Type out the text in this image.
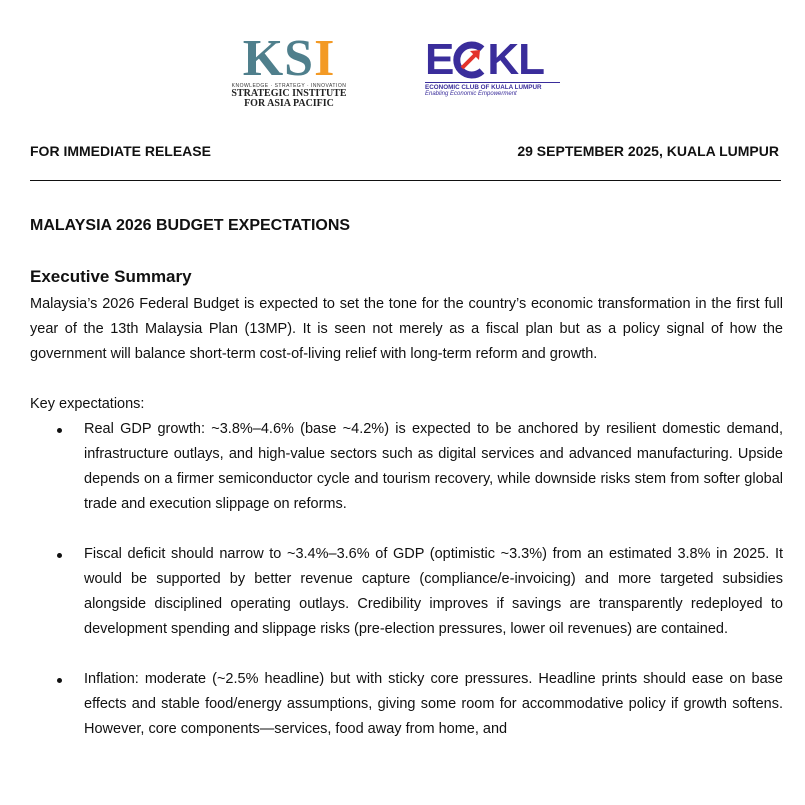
KSI
KNOWLEDGE · STRATEGY · INNOVATION
STRATEGIC INSTITUTE
FOR ASIA PACIFIC
E KL
ECONOMIC CLUB OF KUALA LUMPUR
Enabling Economic Empowerment
FOR IMMEDIATE RELEASE	29 SEPTEMBER 2025, KUALA LUMPUR
MALAYSIA 2026 BUDGET EXPECTATIONS
Executive Summary

Malaysia’s 2026 Federal Budget is expected to set the tone for the country’s economic transformation in the first full year of the 13th Malaysia Plan (13MP). It is seen not merely as a fiscal plan but as a policy signal of how the government will balance short-term cost-of-living relief with long-term reform and growth.

Key expectations:

Real GDP growth: ~3.8%–4.6% (base ~4.2%) is expected to be anchored by resilient domestic demand, infrastructure outlays, and high-value sectors such as digital services and advanced manufacturing. Upside depends on a firmer semiconductor cycle and tourism recovery, while downside risks stem from softer global trade and execution slippage on reforms.
Fiscal deficit should narrow to ~3.4%–3.6% of GDP (optimistic ~3.3%) from an estimated 3.8% in 2025. It would be supported by better revenue capture (compliance/e-invoicing) and more targeted subsidies alongside disciplined operating outlays. Credibility improves if savings are transparently redeployed to development spending and slippage risks (pre-election pressures, lower oil revenues) are contained.
Inflation: moderate (~2.5% headline) but with sticky core pressures. Headline prints should ease on base effects and stable food/energy assumptions, giving some room for accommodative policy if growth softens. However, core components—services, food away from home, and
